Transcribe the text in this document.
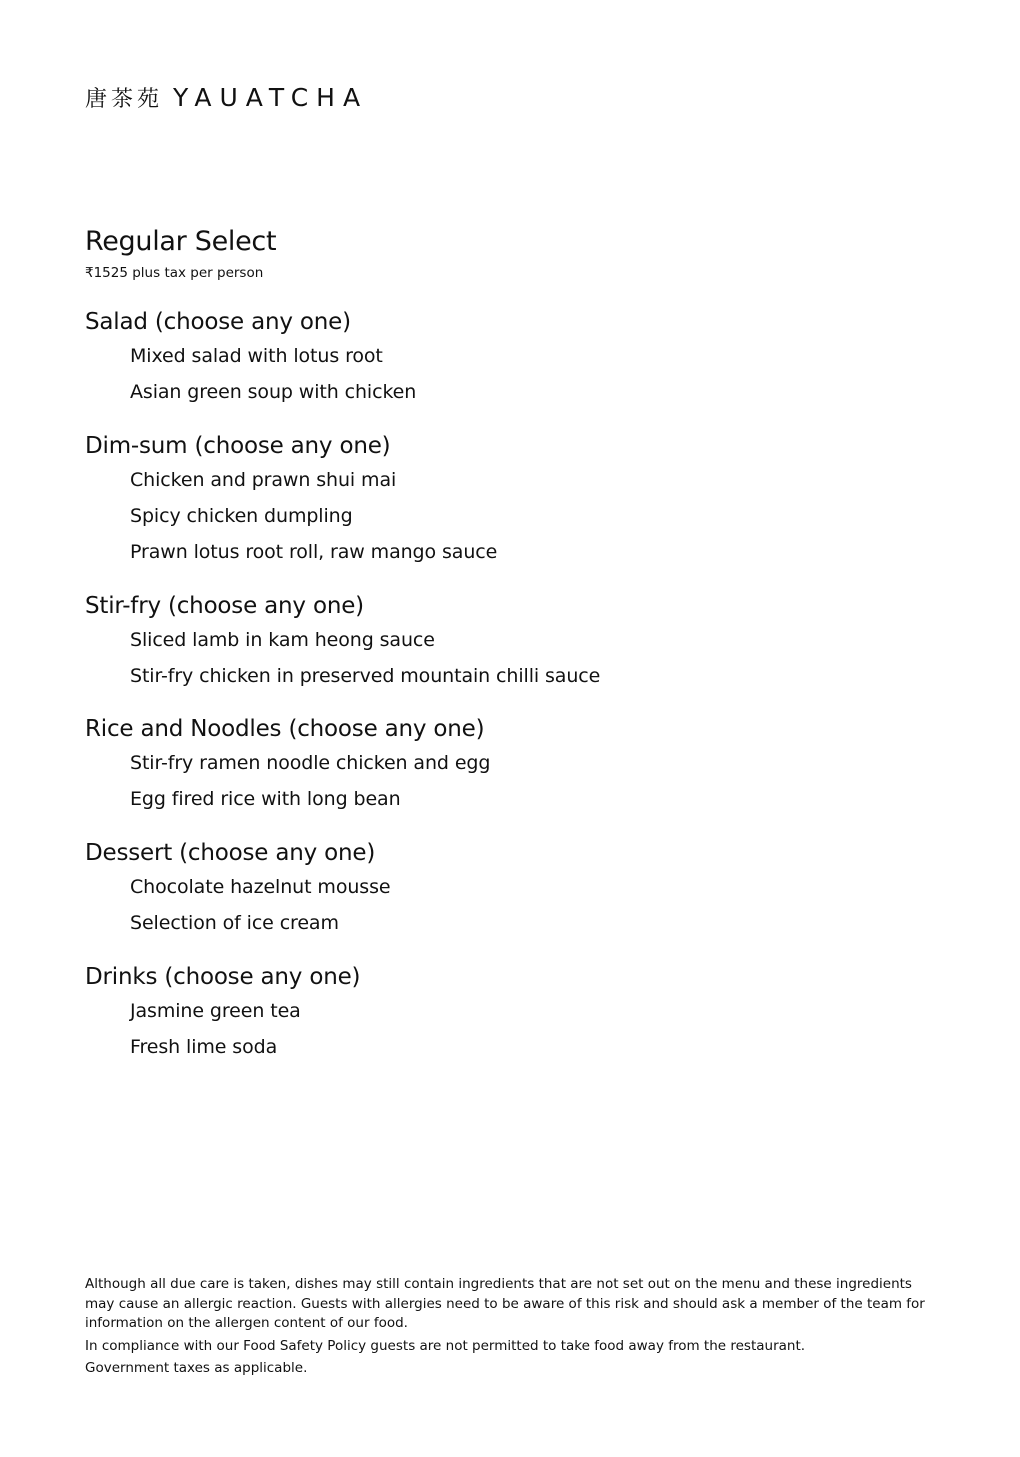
唐茶苑 YAUATCHA
Regular Select
₹1525 plus tax per person
Salad (choose any one)
Mixed salad with lotus root
Asian green soup with chicken
Dim-sum (choose any one)
Chicken and prawn shui mai
Spicy chicken dumpling
Prawn lotus root roll, raw mango sauce
Stir-fry (choose any one)
Sliced lamb in kam heong sauce
Stir-fry chicken in preserved mountain chilli sauce
Rice and Noodles (choose any one)
Stir-fry ramen noodle chicken and egg
Egg fired rice with long bean
Dessert (choose any one)
Chocolate hazelnut mousse
Selection of ice cream
Drinks (choose any one)
Jasmine green tea
Fresh lime soda

Although all due care is taken, dishes may still contain ingredients that are not set out on the menu and these ingredients may cause an allergic reaction. Guests with allergies need to be aware of this risk and should ask a member of the team for information on the allergen content of our food.

In compliance with our Food Safety Policy guests are not permitted to take food away from the restaurant.

Government taxes as applicable.
